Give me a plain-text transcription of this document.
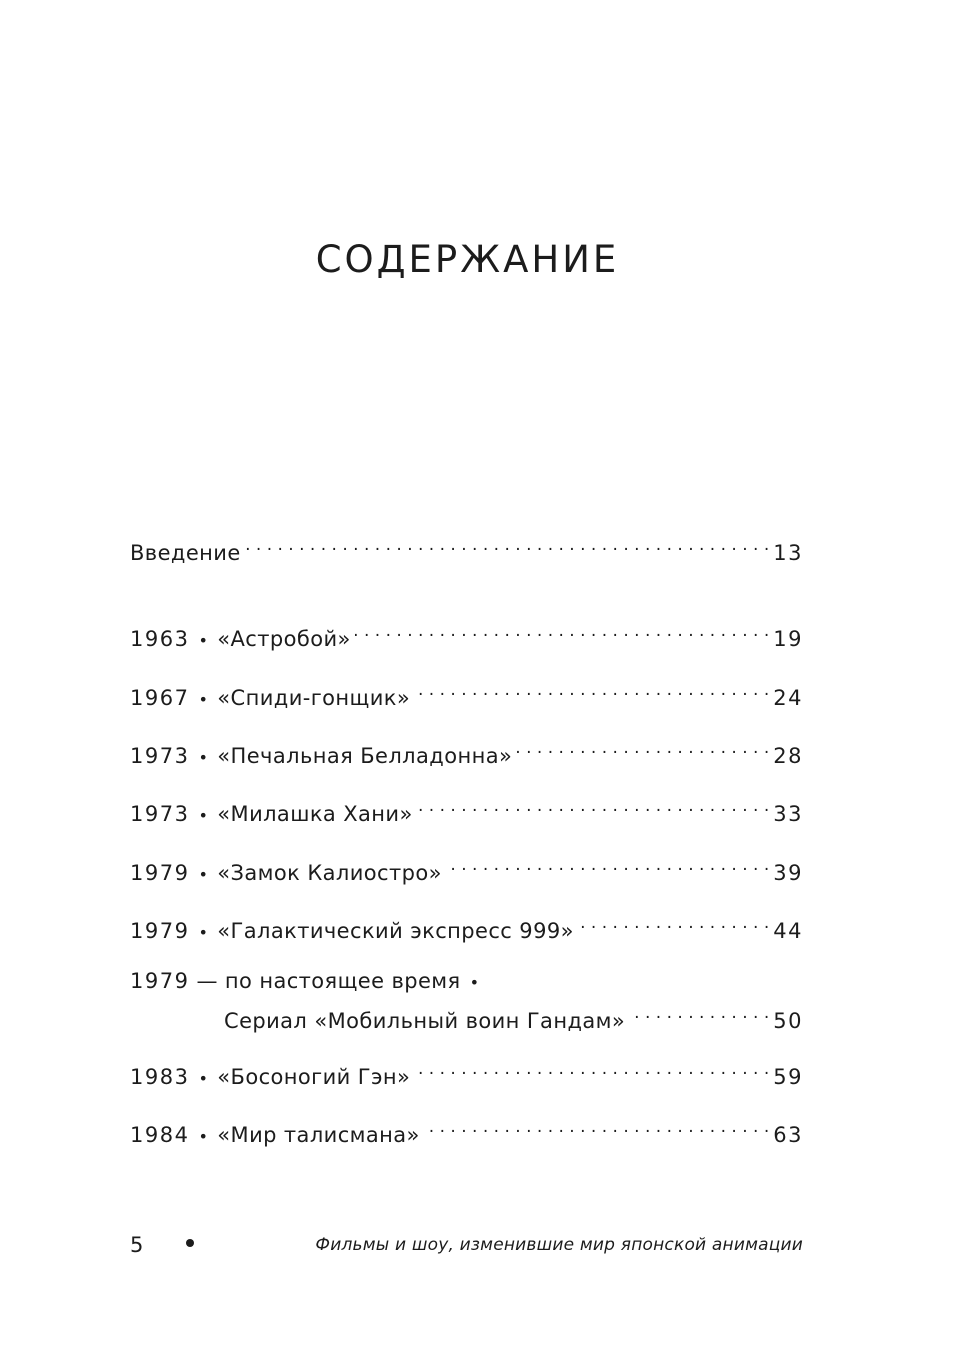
СОДЕРЖАНИЕ
Введение . . .	13
1963 • «Астробой» . . .	19
1967 • «Спиди-гонщик» . . .	24
1973 • «Печальная Белладонна» . . .	28
1973 • «Милашка Хани» . . .	33
1979 • «Замок Калиостро» . . .	39
1979 • «Галактический экспресс 999» . . .	44
1979 — по настоящее время •
Сериал «Мобильный воин Гандам» . . .	50
1983 • «Босоногий Гэн» . . .	59
1984 • «Мир талисмана» . . .	63
5	Фильмы и шоу, изменившие мир японской анимации
